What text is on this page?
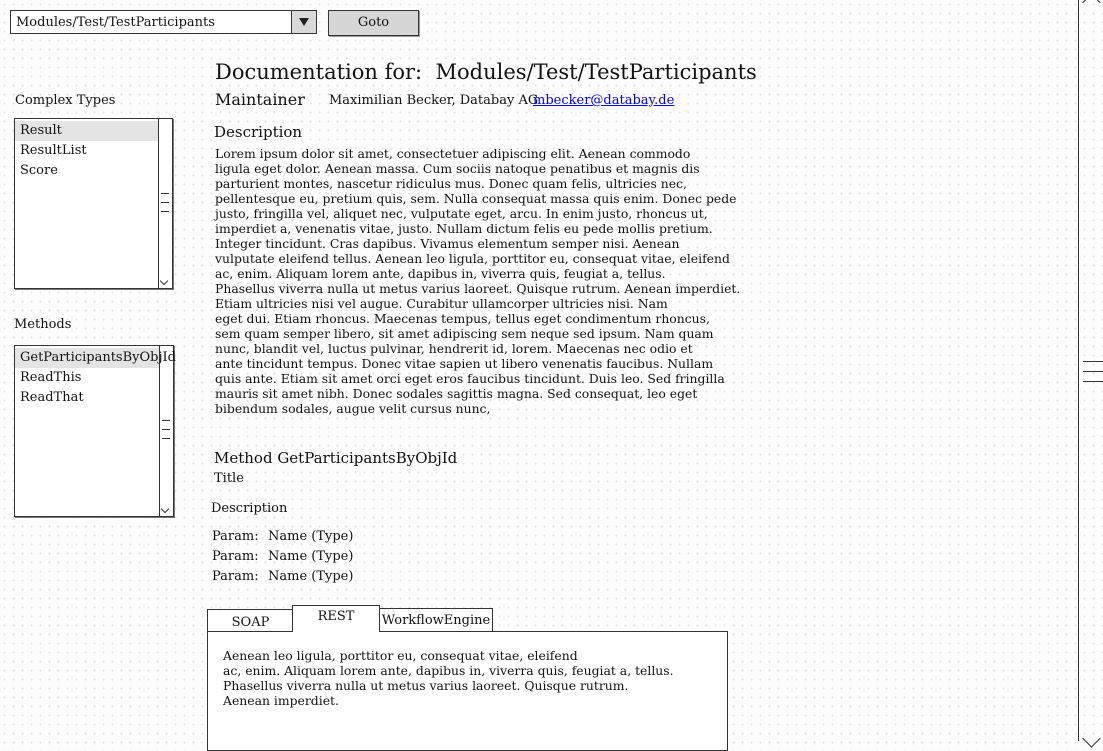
Modules/Test/TestParticipants	Goto
Complex Types
Result
ResultList
Score
Methods
GetParticipantsByObjId
ReadThis
ReadThat
Documentation for: Modules/Test/TestParticipants
Maintainer Maximilian Becker, Databay AG
mbecker@databay.de
Description
Lorem ipsum dolor sit amet, consectetuer adipiscing elit. Aenean commodo
ligula eget dolor. Aenean massa. Cum sociis natoque penatibus et magnis dis
parturient montes, nascetur ridiculus mus. Donec quam felis, ultricies nec,
pellentesque eu, pretium quis, sem. Nulla consequat massa quis enim. Donec pede
justo, fringilla vel, aliquet nec, vulputate eget, arcu. In enim justo, rhoncus ut,
imperdiet a, venenatis vitae, justo. Nullam dictum felis eu pede mollis pretium.
Integer tincidunt. Cras dapibus. Vivamus elementum semper nisi. Aenean
vulputate eleifend tellus. Aenean leo ligula, porttitor eu, consequat vitae, eleifend
ac, enim. Aliquam lorem ante, dapibus in, viverra quis, feugiat a, tellus.
Phasellus viverra nulla ut metus varius laoreet. Quisque rutrum. Aenean imperdiet.
Etiam ultricies nisi vel augue. Curabitur ullamcorper ultricies nisi. Nam
eget dui. Etiam rhoncus. Maecenas tempus, tellus eget condimentum rhoncus,
sem quam semper libero, sit amet adipiscing sem neque sed ipsum. Nam quam
nunc, blandit vel, luctus pulvinar, hendrerit id, lorem. Maecenas nec odio et
ante tincidunt tempus. Donec vitae sapien ut libero venenatis faucibus. Nullam
quis ante. Etiam sit amet orci eget eros faucibus tincidunt. Duis leo. Sed fringilla
mauris sit amet nibh. Donec sodales sagittis magna. Sed consequat, leo eget
bibendum sodales, augue velit cursus nunc,
Method GetParticipantsByObjId
Title
Description
Param: Name (Type)
Param: Name (Type)
Param: Name (Type)
Aenean leo ligula, porttitor eu, consequat vitae, eleifend
ac, enim. Aliquam lorem ante, dapibus in, viverra quis, feugiat a, tellus.
Phasellus viverra nulla ut metus varius laoreet. Quisque rutrum.
Aenean imperdiet.
SOAP	REST	WorkflowEngine
